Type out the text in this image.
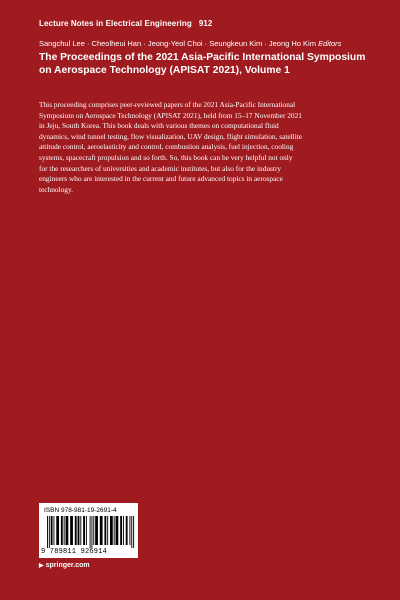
Lecture Notes in Electrical Engineering 912
Sangchul Lee · Cheolheui Han · Jeong-Yeol Choi · Seungkeun Kim · Jeong Ho Kim Editors
The Proceedings of the 2021 Asia-Pacific International Symposium
on Aerospace Technology (APISAT 2021), Volume 1
This proceeding comprises peer-reviewed papers of the 2021 Asia-Pacific International
Symposium on Aerospace Technology (APISAT 2021), held from 15–17 November 2021
in Jeju, South Korea. This book deals with various themes on computational fluid
dynamics, wind tunnel testing, flow visualization, UAV design, flight simulation, satellite
attitude control, aeroelasticity and control, combustion analysis, fuel injection, cooling
systems, spacecraft propulsion and so forth. So, this book can be very helpful not only
for the researchers of universities and academic institutes, but also for the industry
engineers who are interested in the current and future advanced topics in aerospace
technology.
ISBN 978-981-19-2691-4
9 789811 926914
▶ springer.com
